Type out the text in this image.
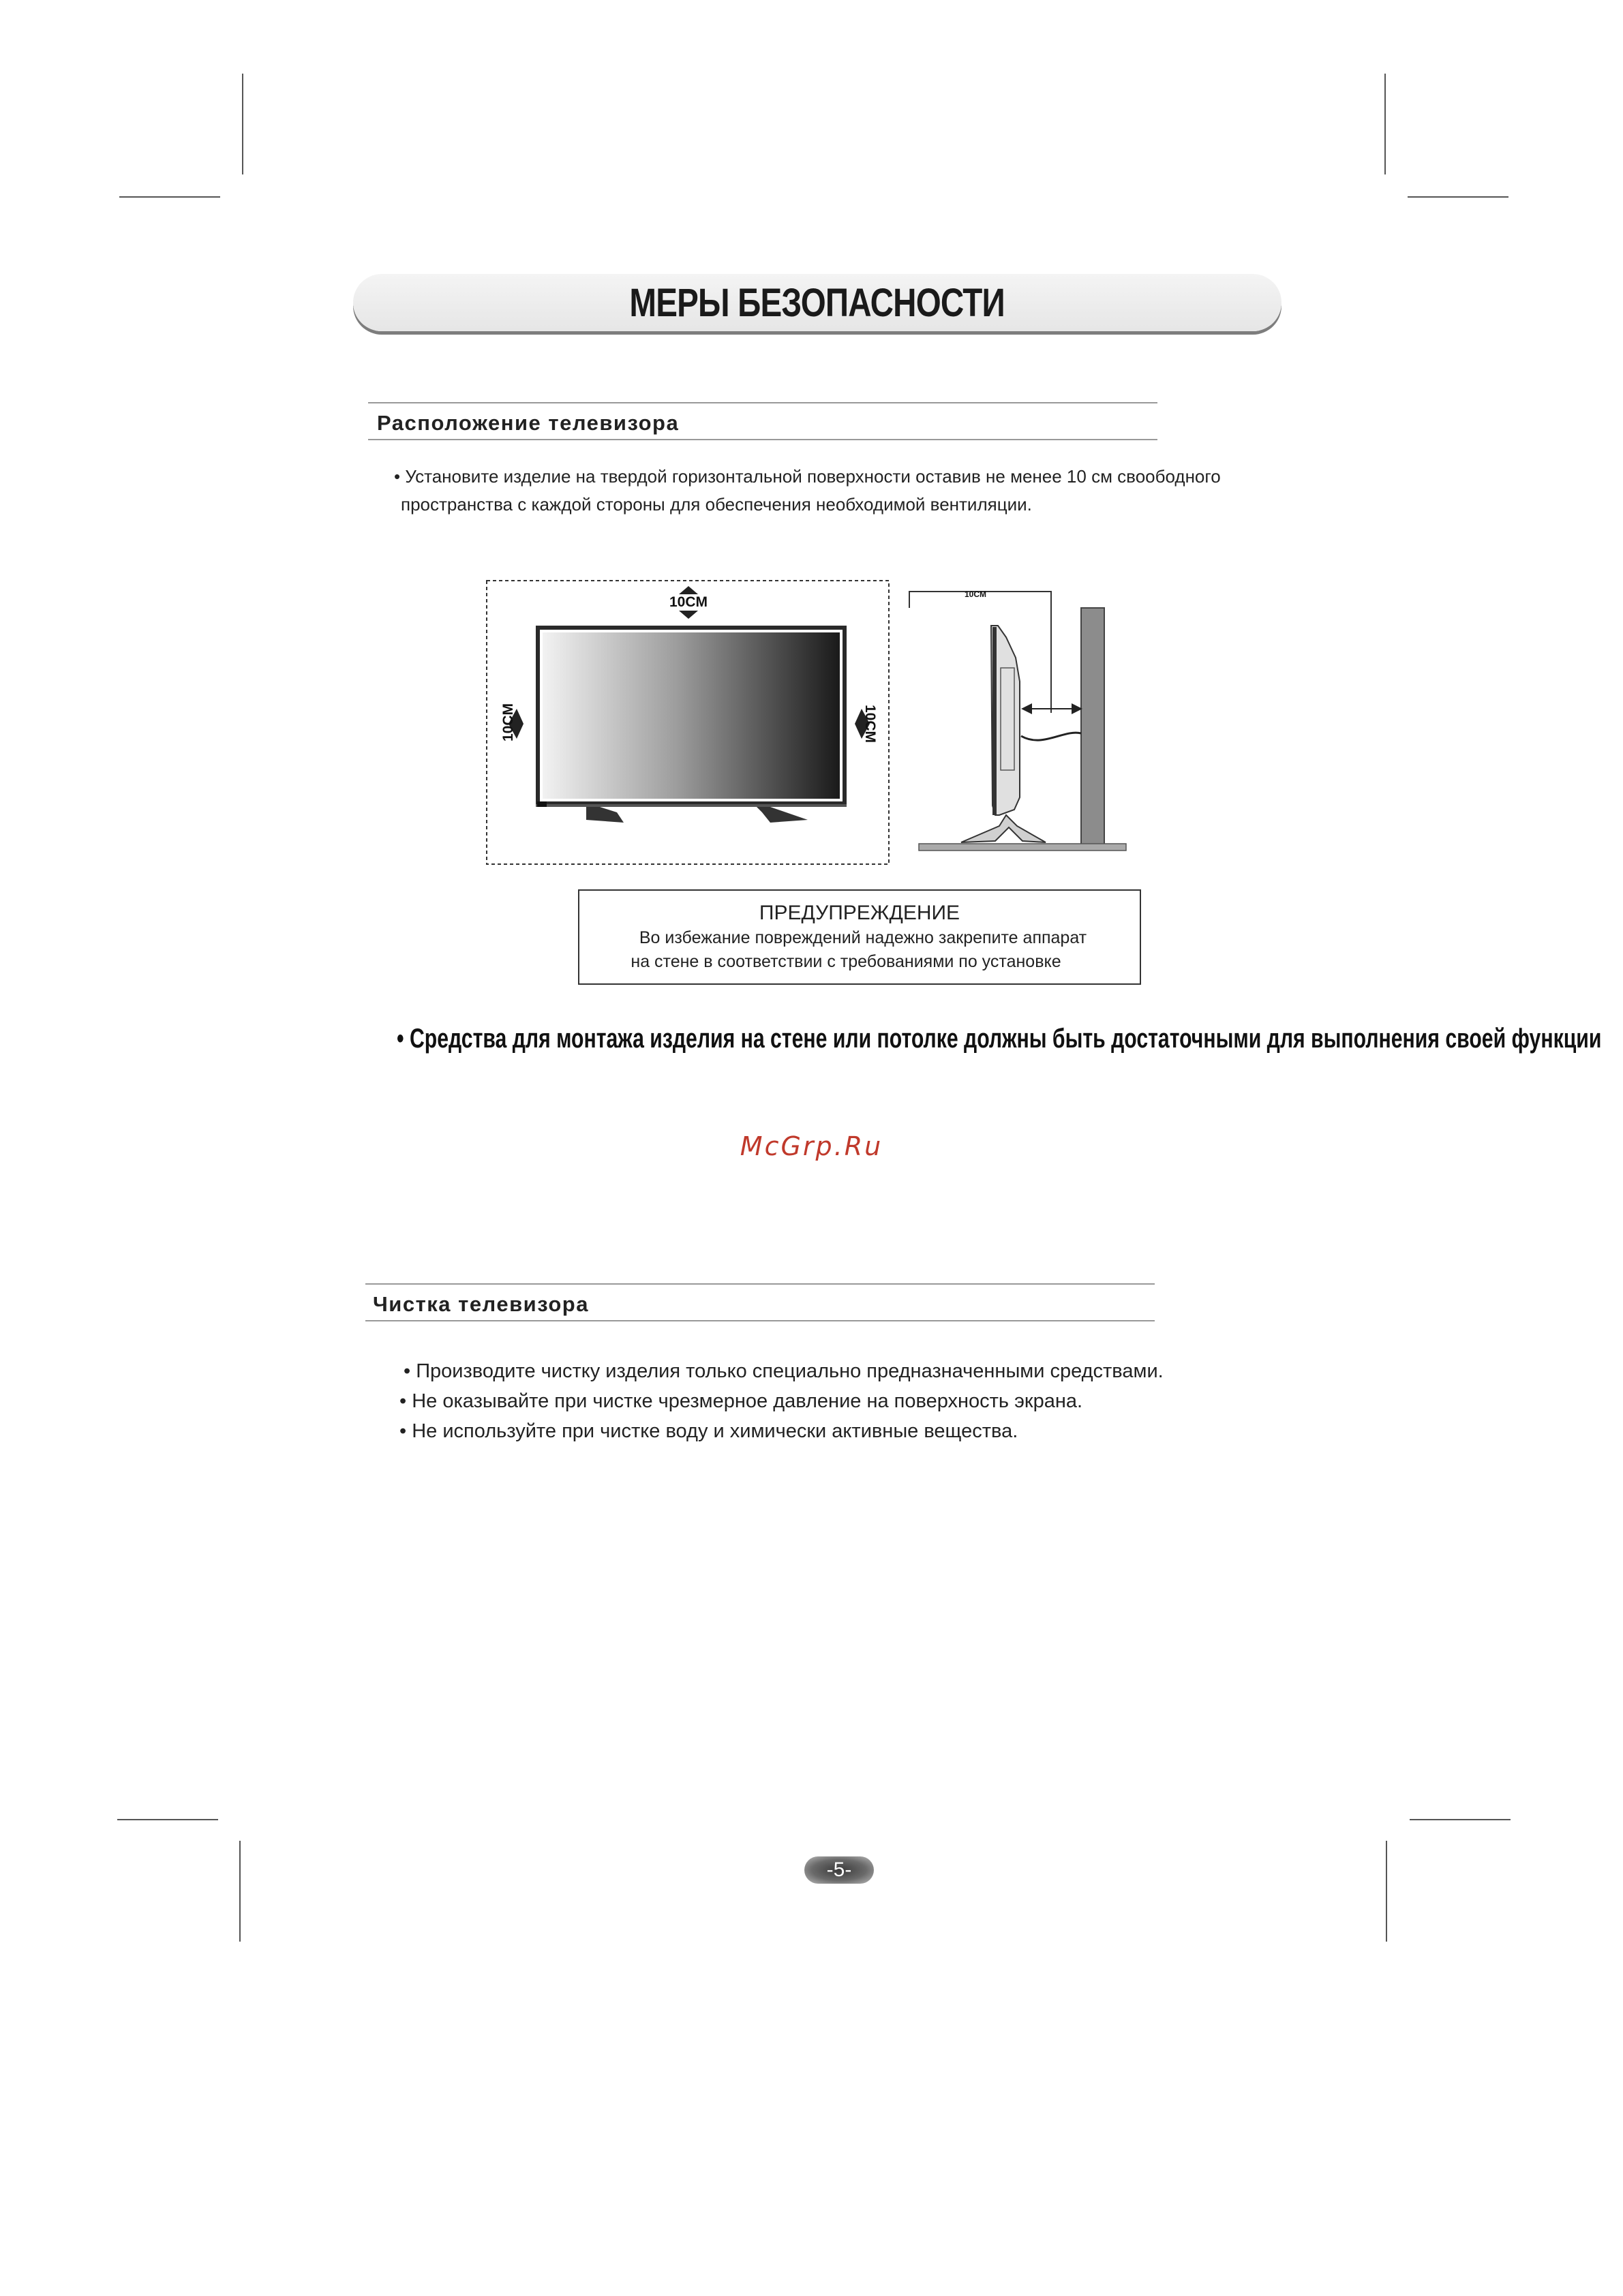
МЕРЫ БЕЗОПАСНОСТИ
Расположение телевизора
• Установите изделие на твердой горизонтальной поверхности оставив не менее 10 см своободного
пространства с каждой стороны для обеспечения необходимой вентиляции.
10CM
10CM	10CM
10CM
ПРЕДУПРЕЖДЕНИЕ
Во избежание повреждений надежно закрепите аппарат
на стене в соответствии с требованиями по установке
• Средства для монтажа изделия на стене или потолке должны быть достаточными для выполнения своей функции
McGrp.Ru
Чистка телевизора
• Производите чистку изделия только специально предназначенными средствами.
• Не оказывайте при чистке чрезмерное давление на поверхность экрана.
• Не используйте при чистке воду и химически активные вещества.
-5-
